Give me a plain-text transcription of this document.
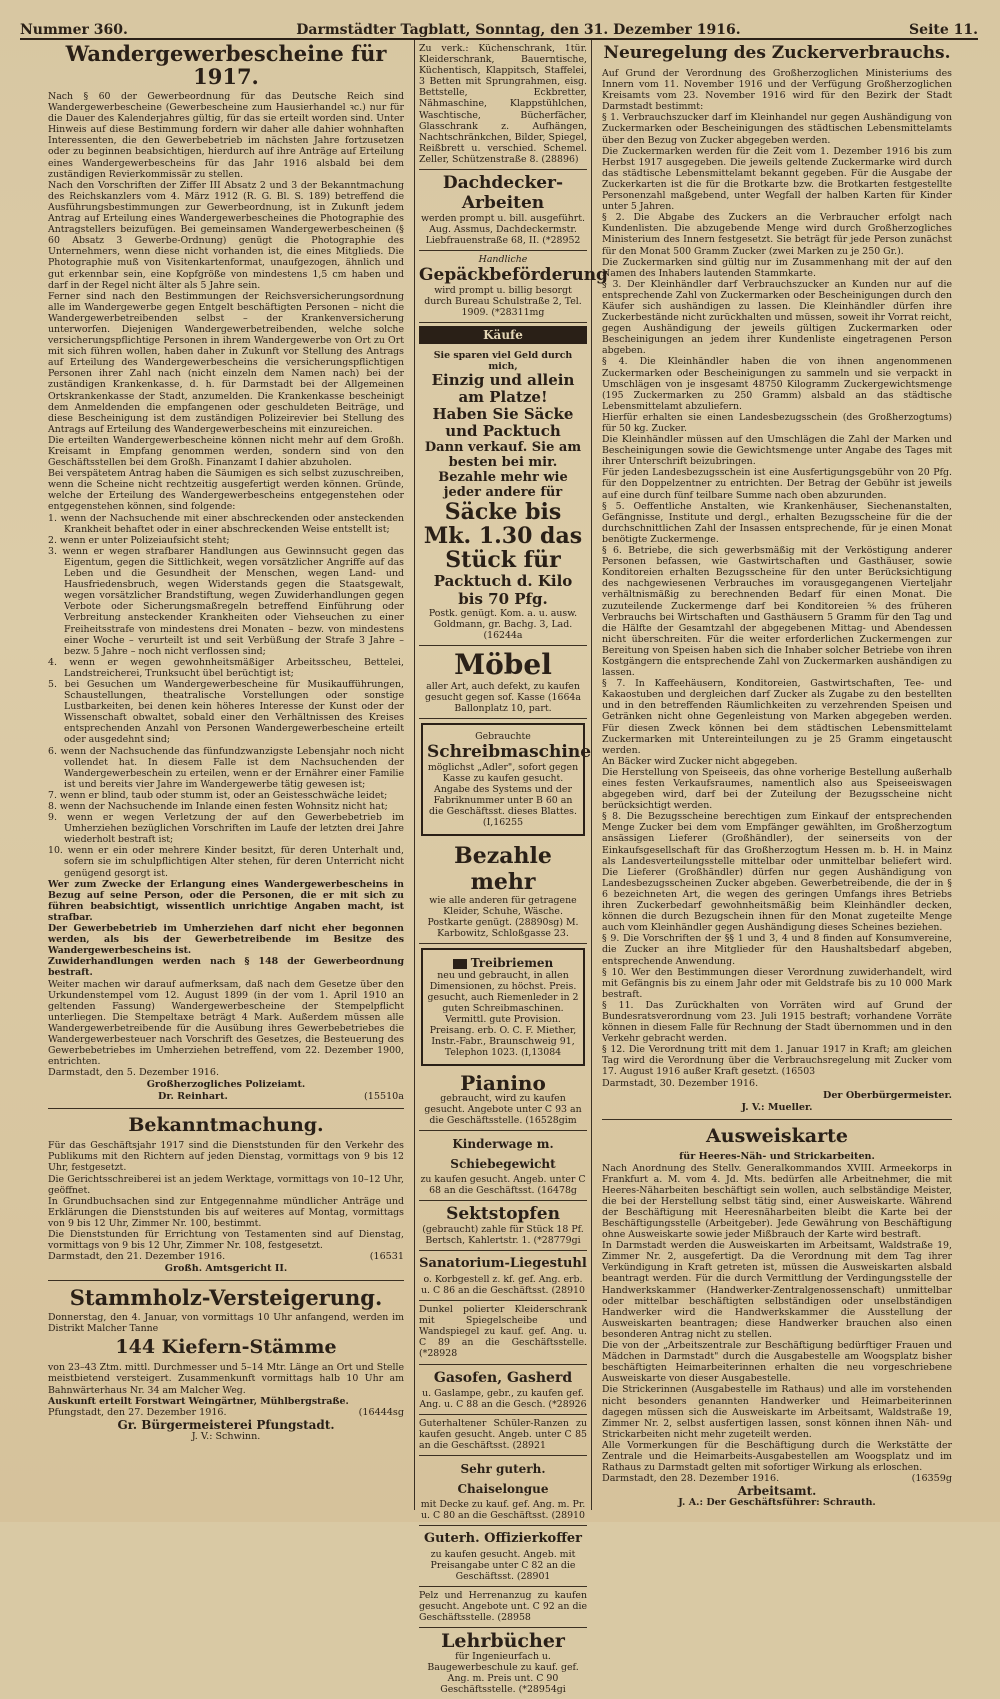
Nummer 360.	Darmstädter Tagblatt, Sonntag, den 31. Dezember 1916.	Seite 11.
Wandergewerbescheine für 1917.

Nach § 60 der Gewerbeordnung für das Deutsche Reich sind Wandergewerbescheine (Gewerbescheine zum Hausierhandel ꝛc.) nur für die Dauer des Kalenderjahres gültig, für das sie erteilt worden sind. Unter Hinweis auf diese Bestimmung fordern wir daher alle dahier wohnhaften Interessenten, die den Gewerbebetrieb im nächsten Jahre fortzusetzen oder zu beginnen beabsichtigen, hierdurch auf ihre Anträge auf Erteilung eines Wandergewerbescheins für das Jahr 1916 alsbald bei dem zuständigen Revierkommissär zu stellen.

Nach den Vorschriften der Ziffer III Absatz 2 und 3 der Bekanntmachung des Reichskanzlers vom 4. März 1912 (R. G. Bl. S. 189) betreffend die Ausführungsbestimmungen zur Gewerbeordnung, ist in Zukunft jedem Antrag auf Erteilung eines Wandergewerbescheines die Photographie des Antragstellers beizufügen. Bei gemeinsamen Wandergewerbescheinen (§ 60 Absatz 3 Gewerbe-Ordnung) genügt die Photographie des Unternehmers, wenn diese nicht vorhanden ist, die eines Mitglieds. Die Photographie muß von Visitenkartenformat, unaufgezogen, ähnlich und gut erkennbar sein, eine Kopfgröße von mindestens 1,5 cm haben und darf in der Regel nicht älter als 5 Jahre sein.

Ferner sind nach den Bestimmungen der Reichsversicherungsordnung alle im Wandergewerbe gegen Entgelt beschäftigten Personen – nicht die Wandergewerbetreibenden selbst – der Krankenversicherung unterworfen. Diejenigen Wandergewerbetreibenden, welche solche versicherungspflichtige Personen in ihrem Wandergewerbe von Ort zu Ort mit sich führen wollen, haben daher in Zukunft vor Stellung des Antrags auf Erteilung des Wandergewerbescheins die versicherungspflichtigen Personen ihrer Zahl nach (nicht einzeln dem Namen nach) bei der zuständigen Krankenkasse, d. h. für Darmstadt bei der Allgemeinen Ortskrankenkasse der Stadt, anzumelden. Die Krankenkasse bescheinigt dem Anmeldenden die empfangenen oder geschuldeten Beiträge, und diese Bescheinigung ist dem zuständigen Polizeirevier bei Stellung des Antrags auf Erteilung des Wandergewerbescheins mit einzureichen.

Die erteilten Wandergewerbescheine können nicht mehr auf dem Großh. Kreisamt in Empfang genommen werden, sondern sind von den Geschäftsstellen bei dem Großh. Finanzamt I dahier abzuholen.

Bei verspätetem Antrag haben die Säumigen es sich selbst zuzuschreiben, wenn die Scheine nicht rechtzeitig ausgefertigt werden können. Gründe, welche der Erteilung des Wandergewerbescheins entgegenstehen oder entgegenstehen können, sind folgende:

1. wenn der Nachsuchende mit einer abschreckenden oder ansteckenden Krankheit behaftet oder in einer abschreckenden Weise entstellt ist;
2. wenn er unter Polizeiaufsicht steht;
3. wenn er wegen strafbarer Handlungen aus Gewinnsucht gegen das Eigentum, gegen die Sittlichkeit, wegen vorsätzlicher Angriffe auf das Leben und die Gesundheit der Menschen, wegen Land- und Hausfriedensbruch, wegen Widerstands gegen die Staatsgewalt, wegen vorsätzlicher Brandstiftung, wegen Zuwiderhandlungen gegen Verbote oder Sicherungsmaßregeln betreffend Einführung oder Verbreitung ansteckender Krankheiten oder Viehseuchen zu einer Freiheitsstrafe von mindestens drei Monaten – bezw. von mindestens einer Woche – verurteilt ist und seit Verbüßung der Strafe 3 Jahre – bezw. 5 Jahre – noch nicht verflossen sind;
4. wenn er wegen gewohnheitsmäßiger Arbeitsscheu, Bettelei, Landstreicherei, Trunksucht übel berüchtigt ist;
5. bei Gesuchen um Wandergewerbescheine für Musikaufführungen, Schaustellungen, theatralische Vorstellungen oder sonstige Lustbarkeiten, bei denen kein höheres Interesse der Kunst oder der Wissenschaft obwaltet, sobald einer den Verhältnissen des Kreises entsprechenden Anzahl von Personen Wandergewerbescheine erteilt oder ausgedehnt sind;
6. wenn der Nachsuchende das fünfundzwanzigste Lebensjahr noch nicht vollendet hat. In diesem Falle ist dem Nachsuchenden der Wandergewerbeschein zu erteilen, wenn er der Ernährer einer Familie ist und bereits vier Jahre im Wandergewerbe tätig gewesen ist;
7. wenn er blind, taub oder stumm ist, oder an Geistesschwäche leidet;
8. wenn der Nachsuchende im Inlande einen festen Wohnsitz nicht hat;
9. wenn er wegen Verletzung der auf den Gewerbebetrieb im Umherziehen bezüglichen Vorschriften im Laufe der letzten drei Jahre wiederholt bestraft ist;
10. wenn er ein oder mehrere Kinder besitzt, für deren Unterhalt und, sofern sie im schulpflichtigen Alter stehen, für deren Unterricht nicht genügend gesorgt ist.

Wer zum Zwecke der Erlangung eines Wandergewerbescheins in Bezug auf seine Person, oder die Personen, die er mit sich zu führen beabsichtigt, wissentlich unrichtige Angaben macht, ist strafbar.

Der Gewerbebetrieb im Umherziehen darf nicht eher begonnen werden, als bis der Gewerbetreibende im Besitze des Wandergewerbescheins ist.

Zuwiderhandlungen werden nach § 148 der Gewerbeordnung bestraft.

Weiter machen wir darauf aufmerksam, daß nach dem Gesetze über den Urkundenstempel vom 12. August 1899 (in der vom 1. April 1910 an geltenden Fassung) Wandergewerbescheine der Stempelpflicht unterliegen. Die Stempeltaxe beträgt 4 Mark. Außerdem müssen alle Wandergewerbetreibende für die Ausübung ihres Gewerbebetriebes die Wandergewerbesteuer nach Vorschrift des Gesetzes, die Besteuerung des Gewerbebetriebes im Umherziehen betreffend, vom 22. Dezember 1900, entrichten.

Darmstadt, den 5. Dezember 1916.
Großherzogliches Polizeiamt.
Dr. Reinhart.	(15510a
Bekanntmachung.

Für das Geschäftsjahr 1917 sind die Dienststunden für den Verkehr des Publikums mit den Richtern auf jeden Dienstag, vormittags von 9 bis 12 Uhr, festgesetzt.

Die Gerichtsschreiberei ist an jedem Werktage, vormittags von 10–12 Uhr, geöffnet.

In Grundbuchsachen sind zur Entgegennahme mündlicher Anträge und Erklärungen die Dienststunden bis auf weiteres auf Montag, vormittags von 9 bis 12 Uhr, Zimmer Nr. 100, bestimmt.

Die Dienststunden für Errichtung von Testamenten sind auf Dienstag, vormittags von 9 bis 12 Uhr, Zimmer Nr. 108, festgesetzt.

Darmstadt, den 21. Dezember 1916.	(16531
Großh. Amtsgericht II.
Stammholz-Versteigerung.

Donnerstag, den 4. Januar, von vormittags 10 Uhr anfangend, werden im Distrikt Malcher Tanne

144 Kiefern-Stämme

von 23–43 Ztm. mittl. Durchmesser und 5–14 Mtr. Länge an Ort und Stelle meistbietend versteigert. Zusammenkunft vormittags halb 10 Uhr am Bahnwärterhaus Nr. 34 am Malcher Weg.

Auskunft erteilt Forstwart Weingärtner, Mühlbergstraße.

Pfungstadt, den 27. Dezember 1916.	(16444sg
Gr. Bürgermeisterei Pfungstadt.
J. V.: Schwinn.

Zu verk.: Küchenschrank, 1tür. Kleiderschrank, Bauerntische, Küchentisch, Klappitsch, Staffelei, 3 Betten mit Sprungrahmen, eisg. Bettstelle, Eckbretter, Nähmaschine, Klappstühlchen, Waschtische, Bücherfächer, Glasschrank z. Aufhängen, Nachtschränkchen, Bilder, Spiegel, Reißbrett u. verschied. Schemel. Zeller, Schützenstraße 8. (28896)

Dachdecker-Arbeiten
werden prompt u. bill. ausgeführt. Aug. Assmus, Dachdeckermstr. Liebfrauenstraße 68, II. (*28952
Handliche
Gepäckbeförderung
wird prompt u. billig besorgt durch Bureau Schulstraße 2, Tel. 1909. (*28311mg
Käufe
Sie sparen viel Geld durch mich,
Einzig und allein am Platze!
Haben Sie Säcke und Packtuch
Dann verkauf. Sie am besten bei mir.
Bezahle mehr wie jeder andere für
Säcke bis Mk. 1.30 das Stück für
Packtuch d. Kilo bis 70 Pfg.
Postk. genügt. Kom. a. u. ausw. Goldmann, gr. Bachg. 3, Lad. (16244a
Möbel
aller Art, auch defekt, zu kaufen gesucht gegen sof. Kasse (1664a Ballonplatz 10, part.
Gebrauchte
Schreibmaschine
möglichst „Adler", sofort gegen Kasse zu kaufen gesucht.
Angabe des Systems und der Fabriknummer unter B 60 an die Geschäftsst. dieses Blattes. (I,16255
Bezahle mehr
wie alle anderen für getragene Kleider, Schuhe, Wäsche. Postkarte genügt. (28890sg) M. Karbowitz, Schloßgasse 23.
Treibriemen
neu und gebraucht, in allen Dimensionen, zu höchst. Preis. gesucht, auch Riemenleder in 2 guten Schreibmaschinen. Vermittl. gute Provision. Preisang. erb. O. C. F. Miether, Instr.-Fabr., Braunschweig 91, Telephon 1023. (I,13084
Pianino
gebraucht, wird zu kaufen gesucht. Angebote unter C 93 an die Geschäftsstelle. (16528gim
Kinderwage m. Schiebegewicht
zu kaufen gesucht. Angeb. unter C 68 an die Geschäftsst. (16478g
Sektstopfen
(gebraucht) zahle für Stück 18 Pf. Bertsch, Kahlertstr. 1. (*28779gi
Sanatorium-Liegestuhl
o. Korbgestell z. kf. gef. Ang. erb. u. C 86 an die Geschäftsst. (28910

Dunkel polierter Kleiderschrank mit Spiegelscheibe und Wandspiegel zu kauf. gef. Ang. u. C 89 an die Geschäftsstelle. (*28928

Gasofen, Gasherd
u. Gaslampe, gebr., zu kaufen gef. Ang. u. C 88 an die Gesch. (*28926

Guterhaltener Schüler-Ranzen zu kaufen gesucht. Angeb. unter C 85 an die Geschäftsst. (28921

Sehr guterh. Chaiselongue
mit Decke zu kauf. gef. Ang. m. Pr. u. C 80 an die Geschäftsst. (28910
Guterh. Offizierkoffer
zu kaufen gesucht. Angeb. mit Preisangabe unter C 82 an die Geschäftsst. (28901

Pelz und Herrenanzug zu kaufen gesucht. Angebote unt. C 92 an die Geschäftsstelle. (28958

Lehrbücher
für Ingenieurfach u. Baugewerbeschule zu kauf. gef. Ang. m. Preis unt. C 90 Geschäftsstelle. (*28954gi
Neuregelung des Zuckerverbrauchs.

Auf Grund der Verordnung des Großherzoglichen Ministeriums des Innern vom 11. November 1916 und der Verfügung Großherzoglichen Kreisamts vom 23. November 1916 wird für den Bezirk der Stadt Darmstadt bestimmt:

§ 1. Verbrauchszucker darf im Kleinhandel nur gegen Aushändigung von Zuckermarken oder Bescheinigungen des städtischen Lebensmittelamts über den Bezug von Zucker abgegeben werden.

Die Zuckermarken werden für die Zeit vom 1. Dezember 1916 bis zum Herbst 1917 ausgegeben. Die jeweils geltende Zuckermarke wird durch das städtische Lebensmittelamt bekannt gegeben. Für die Ausgabe der Zuckerkarten ist die für die Brotkarte bzw. die Brotkarten festgestellte Personenzahl maßgebend, unter Wegfall der halben Karten für Kinder unter 5 Jahren.

§ 2. Die Abgabe des Zuckers an die Verbraucher erfolgt nach Kundenlisten. Die abzugebende Menge wird durch Großherzogliches Ministerium des Innern festgesetzt. Sie beträgt für jede Person zunächst für den Monat 500 Gramm Zucker (zwei Marken zu je 250 Gr.).

Die Zuckermarken sind gültig nur im Zusammenhang mit der auf den Namen des Inhabers lautenden Stammkarte.

§ 3. Der Kleinhändler darf Verbrauchszucker an Kunden nur auf die entsprechende Zahl von Zuckermarken oder Bescheinigungen durch den Käufer sich aushändigen zu lassen. Die Kleinhändler dürfen ihre Zuckerbestände nicht zurückhalten und müssen, soweit ihr Vorrat reicht, gegen Aushändigung der jeweils gültigen Zuckermarken oder Bescheinigungen an jedem ihrer Kundenliste eingetragenen Person abgeben.

§ 4. Die Kleinhändler haben die von ihnen angenommenen Zuckermarken oder Bescheinigungen zu sammeln und sie verpackt in Umschlägen von je insgesamt 48750 Kilogramm Zuckergewichtsmenge (195 Zuckermarken zu 250 Gramm) alsbald an das städtische Lebensmittelamt abzuliefern.

Hierfür erhalten sie einen Landesbezugsschein (des Großherzogtums) für 50 kg. Zucker.

Die Kleinhändler müssen auf den Umschlägen die Zahl der Marken und Bescheinigungen sowie die Gewichtsmenge unter Angabe des Tages mit ihrer Unterschrift beizubringen.

Für jeden Landesbezugsschein ist eine Ausfertigungsgebühr von 20 Pfg. für den Doppelzentner zu entrichten. Der Betrag der Gebühr ist jeweils auf eine durch fünf teilbare Summe nach oben abzurunden.

§ 5. Oeffentliche Anstalten, wie Krankenhäuser, Siechenanstalten, Gefängnisse, Institute und dergl., erhalten Bezugsscheine für die der durchschnittlichen Zahl der Insassen entsprechende, für je einen Monat benötigte Zuckermenge.

§ 6. Betriebe, die sich gewerbsmäßig mit der Verköstigung anderer Personen befassen, wie Gastwirtschaften und Gasthäuser, sowie Konditoreien erhalten Bezugsscheine für den unter Berücksichtigung des nachgewiesenen Verbrauches im vorausgegangenen Vierteljahr verhältnismäßig zu berechnenden Bedarf für einen Monat. Die zuzuteilende Zuckermenge darf bei Konditoreien ⁵⁄₆ des früheren Verbrauchs bei Wirtschaften und Gasthäusern 5 Gramm für den Tag und die Hälfte der Gesamtzahl der abgegebenen Mittag- und Abendessen nicht überschreiten. Für die weiter erforderlichen Zuckermengen zur Bereitung von Speisen haben sich die Inhaber solcher Betriebe von ihren Kostgängern die entsprechende Zahl von Zuckermarken aushändigen zu lassen.

§ 7. In Kaffeehäusern, Konditoreien, Gastwirtschaften, Tee- und Kakaostuben und dergleichen darf Zucker als Zugabe zu den bestellten und in den betreffenden Räumlichkeiten zu verzehrenden Speisen und Getränken nicht ohne Gegenleistung von Marken abgegeben werden. Für diesen Zweck können bei dem städtischen Lebensmittelamt Zuckermarken mit Untereinteilungen zu je 25 Gramm eingetauscht werden.

An Bäcker wird Zucker nicht abgegeben.

Die Herstellung von Speiseeis, das ohne vorherige Bestellung außerhalb eines festen Verkaufsraumes, namentlich also aus Speiseeiswagen abgegeben wird, darf bei der Zuteilung der Bezugsscheine nicht berücksichtigt werden.

§ 8. Die Bezugsscheine berechtigen zum Einkauf der entsprechenden Menge Zucker bei dem vom Empfänger gewählten, im Großherzogtum ansässigen Lieferer (Großhändler), der seinerseits von der Einkaufsgesellschaft für das Großherzogtum Hessen m. b. H. in Mainz als Landesverteilungsstelle mittelbar oder unmittelbar beliefert wird. Die Lieferer (Großhändler) dürfen nur gegen Aushändigung von Landesbezugsscheinen Zucker abgeben. Gewerbetreibende, die der in § 6 bezeichneten Art, die wegen des geringen Umfangs ihres Betriebs ihren Zuckerbedarf gewohnheitsmäßig beim Kleinhändler decken, können die durch Bezugschein ihnen für den Monat zugeteilte Menge auch vom Kleinhändler gegen Aushändigung dieses Scheines beziehen.

§ 9. Die Vorschriften der §§ 1 und 3, 4 und 8 finden auf Konsumvereine, die Zucker an ihre Mitglieder für den Haushaltsbedarf abgeben, entsprechende Anwendung.

§ 10. Wer den Bestimmungen dieser Verordnung zuwiderhandelt, wird mit Gefängnis bis zu einem Jahr oder mit Geldstrafe bis zu 10 000 Mark bestraft.

§ 11. Das Zurückhalten von Vorräten wird auf Grund der Bundesratsverordnung vom 23. Juli 1915 bestraft; vorhandene Vorräte können in diesem Falle für Rechnung der Stadt übernommen und in den Verkehr gebracht werden.

§ 12. Die Verordnung tritt mit dem 1. Januar 1917 in Kraft; am gleichen Tag wird die Verordnung über die Verbrauchsregelung mit Zucker vom 17. August 1916 außer Kraft gesetzt. (16503

Darmstadt, 30. Dezember 1916.
Der Oberbürgermeister.
J. V.: Mueller.
Ausweiskarte
für Heeres-Näh- und Strickarbeiten.

Nach Anordnung des Stellv. Generalkommandos XVIII. Armeekorps in Frankfurt a. M. vom 4. Jd. Mts. bedürfen alle Arbeitnehmer, die mit Heeres-Näharbeiten beschäftigt sein wollen, auch selbständige Meister, die bei der Herstellung selbst tätig sind, einer Ausweiskarte. Während der Beschäftigung mit Heeresnäharbeiten bleibt die Karte bei der Beschäftigungsstelle (Arbeitgeber). Jede Gewährung von Beschäftigung ohne Ausweiskarte sowie jeder Mißbrauch der Karte wird bestraft.

In Darmstadt werden die Ausweiskarten im Arbeitsamt, Waldstraße 19, Zimmer Nr. 2, ausgefertigt. Da die Verordnung mit dem Tag ihrer Verkündigung in Kraft getreten ist, müssen die Ausweiskarten alsbald beantragt werden. Für die durch Vermittlung der Verdingungsstelle der Handwerkskammer (Handwerker-Zentralgenossenschaft) unmittelbar oder mittelbar beschäftigten selbständigen oder unselbständigen Handwerker wird die Handwerkskammer die Ausstellung der Ausweiskarten beantragen; diese Handwerker brauchen also einen besonderen Antrag nicht zu stellen.

Die von der „Arbeitszentrale zur Beschäftigung bedürftiger Frauen und Mädchen in Darmstadt" durch die Ausgabestelle am Woogsplatz bisher beschäftigten Heimarbeiterinnen erhalten die neu vorgeschriebene Ausweiskarte von dieser Ausgabestelle.

Die Strickerinnen (Ausgabestelle im Rathaus) und alle im vorstehenden nicht besonders genannten Handwerker und Heimarbeiterinnen dagegen müssen sich die Ausweiskarte im Arbeitsamt, Waldstraße 19, Zimmer Nr. 2, selbst ausfertigen lassen, sonst können ihnen Näh- und Strickarbeiten nicht mehr zugeteilt werden.

Alle Vormerkungen für die Beschäftigung durch die Werkstätte der Zentrale und die Heimarbeits-Ausgabestellen am Woogsplatz und im Rathaus zu Darmstadt gelten mit sofortiger Wirkung als erloschen.

Darmstadt, den 28. Dezember 1916.	(16359g
Arbeitsamt.
J. A.: Der Geschäftsführer: Schrauth.
